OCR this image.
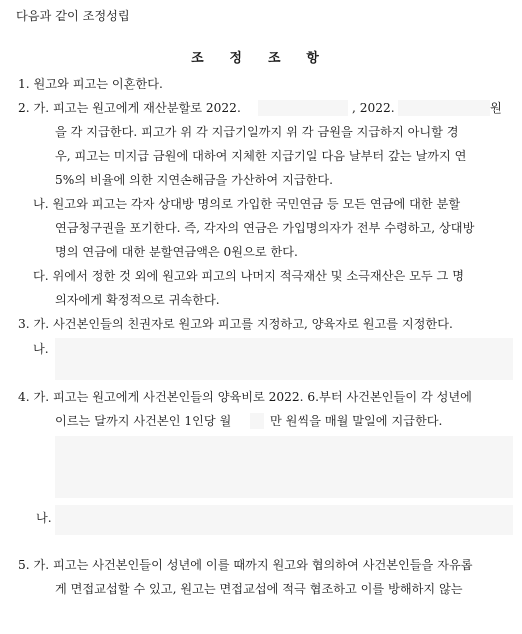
다음과 같이 조정성립
조 정 조 항
1. 원고와 피고는 이혼한다.
2. 가. 피고는 원고에게 재산분할로 2022.	, 2022.	원
을 각 지급한다. 피고가 위 각 지급기일까지 위 각 금원을 지급하지 아니할 경
우, 피고는 미지급 금원에 대하여 지체한 지급기일 다음 날부터 갚는 날까지 연
5%의 비율에 의한 지연손해금을 가산하여 지급한다.
나. 원고와 피고는 각자 상대방 명의로 가입한 국민연금 등 모든 연금에 대한 분할
연금청구권을 포기한다. 즉, 각자의 연금은 가입명의자가 전부 수령하고, 상대방
명의 연금에 대한 분할연금액은 0원으로 한다.
다. 위에서 정한 것 외에 원고와 피고의 나머지 적극재산 및 소극재산은 모두 그 명
의자에게 확정적으로 귀속한다.
3. 가. 사건본인들의 친권자로 원고와 피고를 지정하고, 양육자로 원고를 지정한다.
나.
4. 가. 피고는 원고에게 사건본인들의 양육비로 2022. 6.부터 사건본인들이 각 성년에
이르는 달까지 사건본인 1인당 월	만 원씩을 매월 말일에 지급한다.
나.
5. 가. 피고는 사건본인들이 성년에 이를 때까지 원고와 협의하여 사건본인들을 자유롭
게 면접교섭할 수 있고, 원고는 면접교섭에 적극 협조하고 이를 방해하지 않는
